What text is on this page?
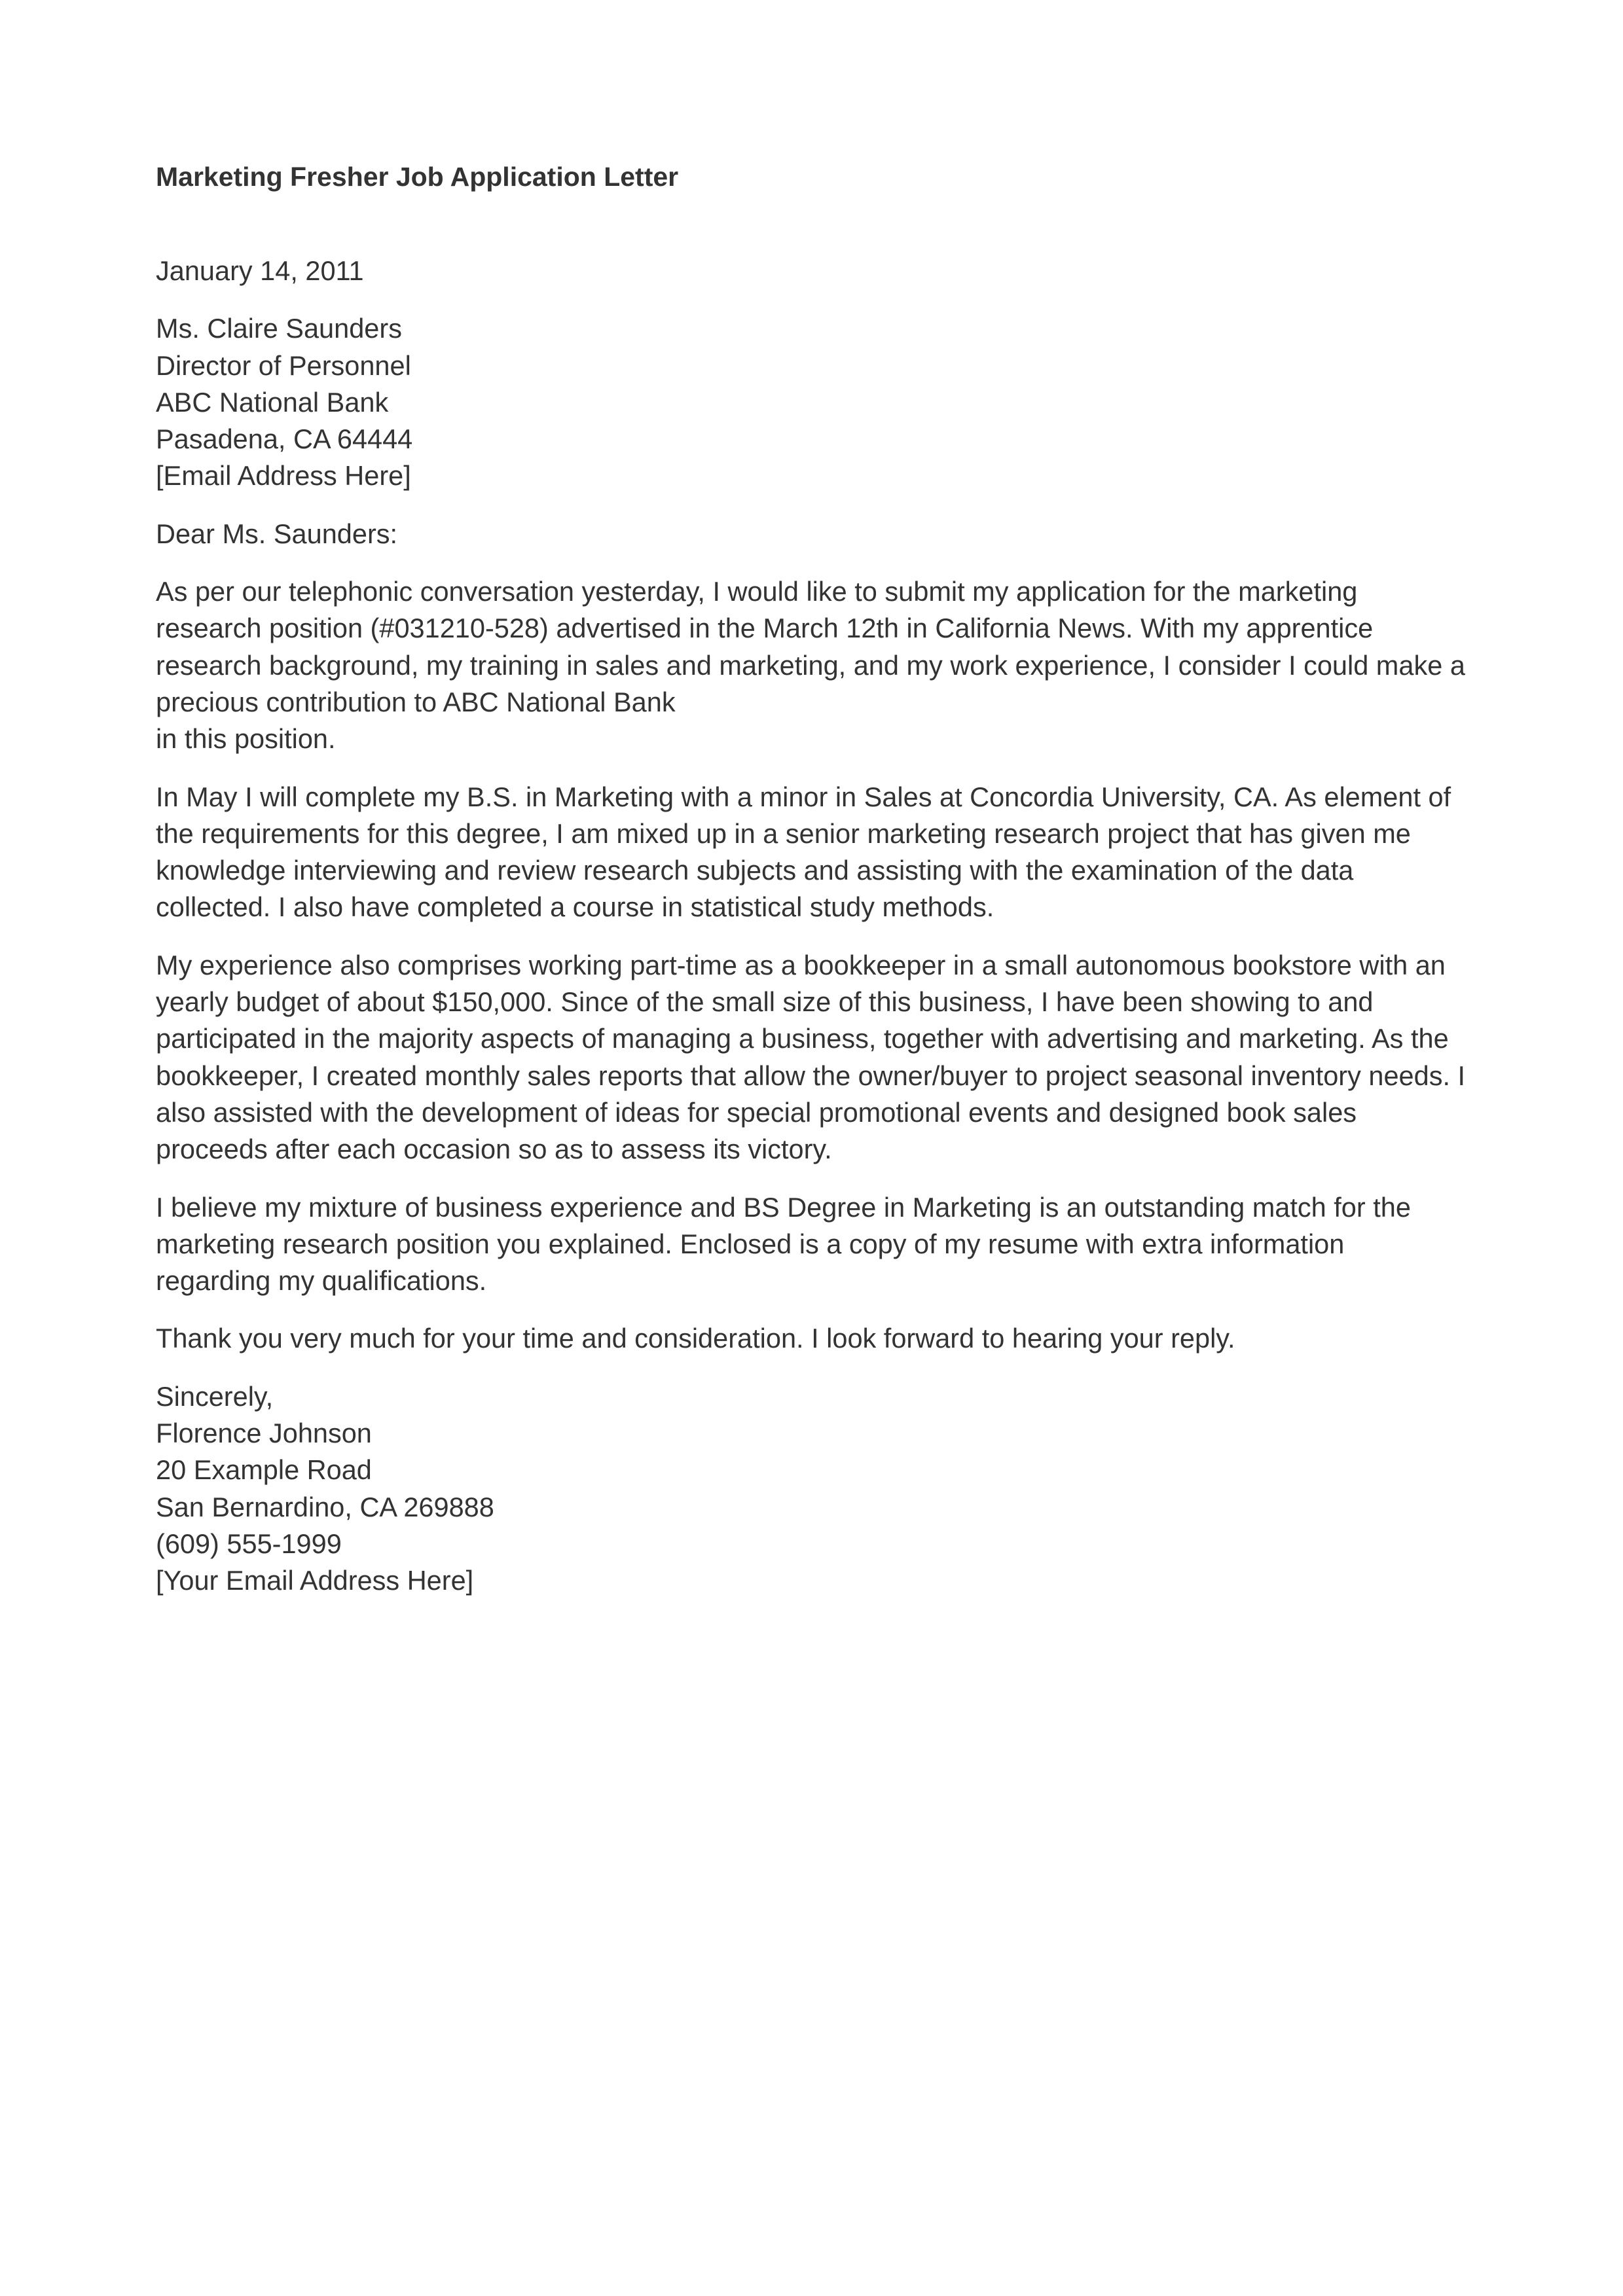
Marketing Fresher Job Application Letter

January 14, 2011

Ms. Claire Saunders
Director of Personnel
ABC National Bank
Pasadena, CA 64444
[Email Address Here]

Dear Ms. Saunders:

As per our telephonic conversation yesterday, I would like to submit my application for the marketing
research position (#031210-528) advertised in the March 12th in California News. With my apprentice
research background, my training in sales and marketing, and my work experience, I consider I could make a
precious contribution to ABC National Bank
in this position.

In May I will complete my B.S. in Marketing with a minor in Sales at Concordia University, CA. As element of
the requirements for this degree, I am mixed up in a senior marketing research project that has given me
knowledge interviewing and review research subjects and assisting with the examination of the data
collected. I also have completed a course in statistical study methods.

My experience also comprises working part-time as a bookkeeper in a small autonomous bookstore with an
yearly budget of about $150,000. Since of the small size of this business, I have been showing to and
participated in the majority aspects of managing a business, together with advertising and marketing. As the
bookkeeper, I created monthly sales reports that allow the owner/buyer to project seasonal inventory needs. I
also assisted with the development of ideas for special promotional events and designed book sales
proceeds after each occasion so as to assess its victory.

I believe my mixture of business experience and BS Degree in Marketing is an outstanding match for the
marketing research position you explained. Enclosed is a copy of my resume with extra information
regarding my qualifications.

Thank you very much for your time and consideration. I look forward to hearing your reply.

Sincerely,
Florence Johnson
20 Example Road
San Bernardino, CA 269888
(609) 555-1999
[Your Email Address Here]
